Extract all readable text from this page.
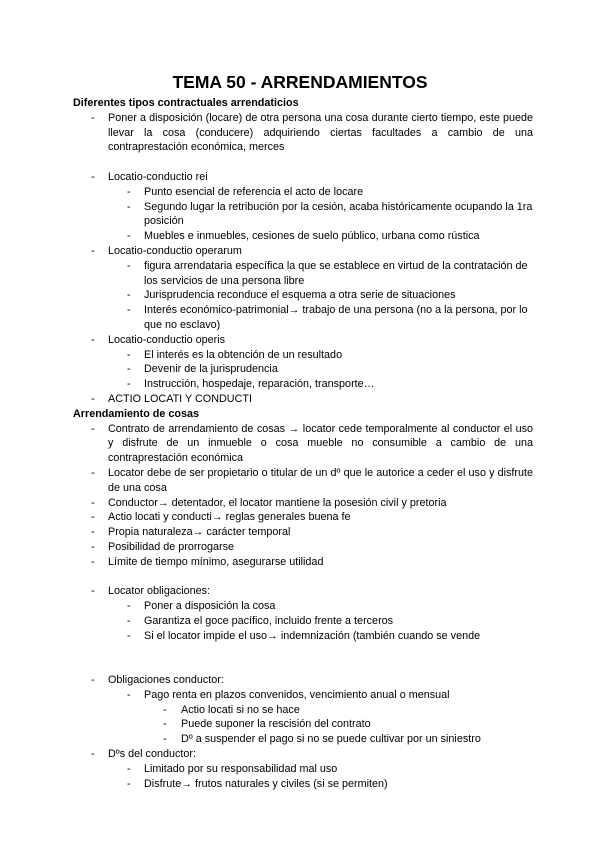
TEMA 50 - ARRENDAMIENTOS

Diferentes tipos contractuales arrendaticios

- Poner a disposición (locare) de otra persona una cosa durante cierto tiempo, este puede llevar la cosa (conducere) adquiriendo ciertas facultades a cambio de una contraprestación económica, merces

- Locatio-conductio rei

- Punto esencial de referencia el acto de locare

- Segundo lugar la retribución por la cesión, acaba históricamente ocupando la 1ra posición

- Muebles e inmuebles, cesiones de suelo público, urbana como rústica

- Locatio-conductio operarum

- figura arrendataria específica la que se establece en virtud de la contratación de los servicios de una persona libre

- Jurisprudencia reconduce el esquema a otra serie de situaciones

- Interés económico-patrimonial→ trabajo de una persona (no a la persona, por lo que no esclavo)

- Locatio-conductio operis

- El interés es la obtención de un resultado

- Devenir de la jurisprudencia

- Instrucción, hospedaje, reparación, transporte…

- ACTIO LOCATI Y CONDUCTI

Arrendamiento de cosas

- Contrato de arrendamiento de cosas → locator cede temporalmente al conductor el uso y disfrute de un inmueble o cosa mueble no consumible a cambio de una contraprestación económica

- Locator debe de ser propietario o titular de un dº que le autorice a ceder el uso y disfrute de una cosa

- Conductor→ detentador, el locator mantiene la posesión civil y pretoria

- Actio locati y conducti→ reglas generales buena fe

- Propia naturaleza→ carácter temporal

- Posibilidad de prorrogarse

- Límite de tiempo mínimo, asegurarse utilidad

- Locator obligaciones:

- Poner a disposición la cosa

- Garantiza el goce pacífico, incluido frente a terceros

- Si el locator impide el uso→ indemnización (también cuando se vende

- Obligaciones conductor:

- Pago renta en plazos convenidos, vencimiento anual o mensual

- Actio locati si no se hace

- Puede suponer la rescisión del contrato

- Dº a suspender el pago si no se puede cultivar por un siniestro

- Dºs del conductor:

- Limitado por su responsabilidad mal uso

- Disfrute→ frutos naturales y civiles (si se permiten)
